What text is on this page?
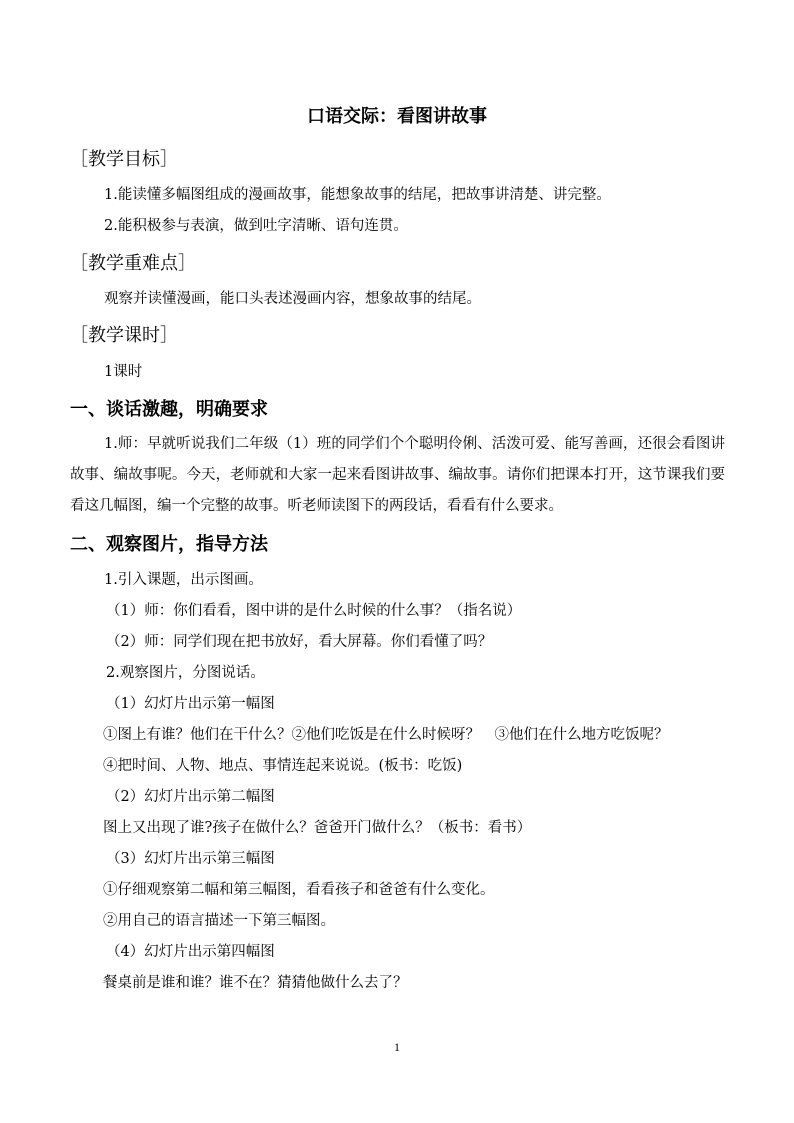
口语交际：看图讲故事
［教学目标］
1.能读懂多幅图组成的漫画故事，能想象故事的结尾，把故事讲清楚、讲完整。
2.能积极参与表演，做到吐字清晰、语句连贯。
［教学重难点］
观察并读懂漫画，能口头表述漫画内容，想象故事的结尾。
［教学课时］
1课时
一、谈话激趣，明确要求
1.师：早就听说我们二年级（1）班的同学们个个聪明伶俐、活泼可爱、能写善画，还很会看图讲故事、编故事呢。今天，老师就和大家一起来看图讲故事、编故事。请你们把课本打开，这节课我们要看这几幅图，编一个完整的故事。听老师读图下的两段话，看看有什么要求。
二、观察图片，指导方法
1.引入课题，出示图画。
（1）师：你们看看，图中讲的是什么时候的什么事？（指名说）
（2）师：同学们现在把书放好，看大屏幕。你们看懂了吗？
2.观察图片，分图说话。
（1）幻灯片出示第一幅图
①图上有谁？他们在干什么？②他们吃饭是在什么时候呀？　③他们在什么地方吃饭呢？
④把时间、人物、地点、事情连起来说说。(板书：吃饭)
（2）幻灯片出示第二幅图
图上又出现了谁?孩子在做什么？爸爸开门做什么？（板书：看书）
（3）幻灯片出示第三幅图
①仔细观察第二幅和第三幅图，看看孩子和爸爸有什么变化。
②用自己的语言描述一下第三幅图。
（4）幻灯片出示第四幅图
餐桌前是谁和谁？谁不在？猜猜他做什么去了？
1
